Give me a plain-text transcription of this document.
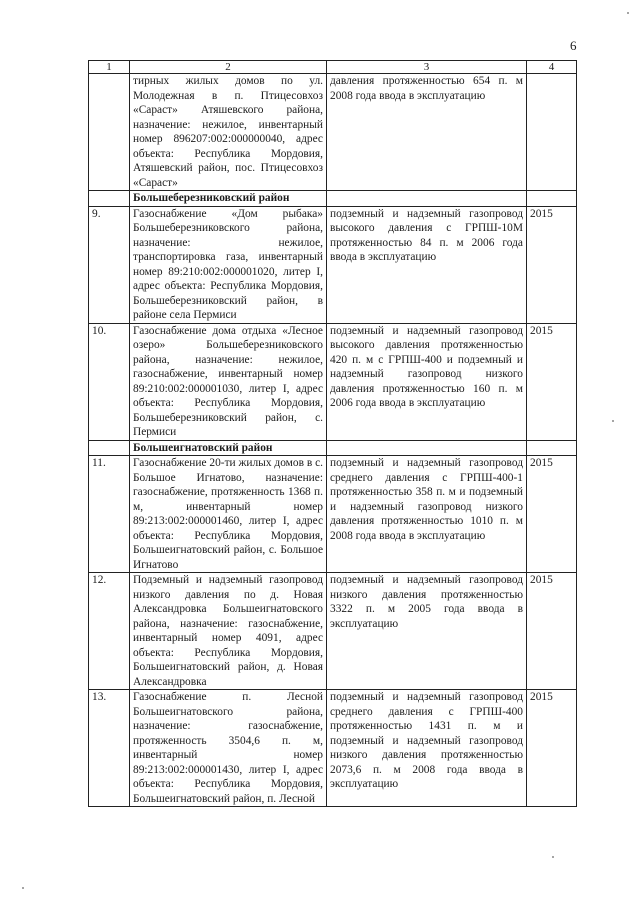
6
1	2	3	4
	тирных жилых домов по ул. Молодежная в п. Птицесовхоз «Сараст» Атяшевского района, назначение: нежилое, инвентарный номер 896207:002:000000040, адрес объекта: Республика Мордовия, Атяшевский район, пос. Птицесовхоз «Сараст»	давления протяженностью 654 п. м 2008 года ввода в эксплуатацию	
	Большеберезниковский район		
9.	Газоснабжение «Дом рыбака» Большеберезниковского района, назначение: нежилое, транспортировка газа, инвентарный номер 89:210:002:000001020, литер I, адрес объекта: Республика Мордовия, Большеберезниковский район, в районе села Пермиси	подземный и надземный газопровод высокого давления с ГРПШ-10М протяженностью 84 п. м 2006 года ввода в эксплуатацию	2015
10.	Газоснабжение дома отдыха «Лесное озеро» Большеберезниковского района, назначение: нежилое, газоснабжение, инвентарный номер 89:210:002:000001030, литер I, адрес объекта: Республика Мордовия, Большеберезниковский район, с. Пермиси	подземный и надземный газопровод высокого давления протяженностью 420 п. м с ГРПШ-400 и подземный и надземный газопровод низкого давления протяженностью 160 п. м 2006 года ввода в эксплуатацию	2015
	Большеигнатовский район		
11.	Газоснабжение 20-ти жилых домов в с. Большое Игнатово, назначение: газоснабжение, протяженность 1368 п. м, инвентарный номер 89:213:002:000001460, литер I, адрес объекта: Республика Мордовия, Большеигнатовский район, с. Большое Игнатово	подземный и надземный газопровод среднего давления с ГРПШ-400-1 протяженностью 358 п. м и подземный и надземный газопровод низкого давления протяженностью 1010 п. м 2008 года ввода в эксплуатацию	2015
12.	Подземный и надземный газопровод низкого давления по д. Новая Александровка Большеигнатовского района, назначение: газоснабжение, инвентарный номер 4091, адрес объекта: Республика Мордовия, Большеигнатовский район, д. Новая Александровка	подземный и надземный газопровод низкого давления протяженностью 3322 п. м 2005 года ввода в эксплуатацию	2015
13.	Газоснабжение п. Лесной Большеигнатовского района, назначение: газоснабжение, протяженность 3504,6 п. м, инвентарный номер 89:213:002:000001430, литер I, адрес объекта: Республика Мордовия, Большеигнатовский район, п. Лесной	подземный и надземный газопровод среднего давления с ГРПШ-400 протяженностью 1431 п. м и подземный и надземный газопровод низкого давления протяженностью 2073,6 п. м 2008 года ввода в эксплуатацию	2015
